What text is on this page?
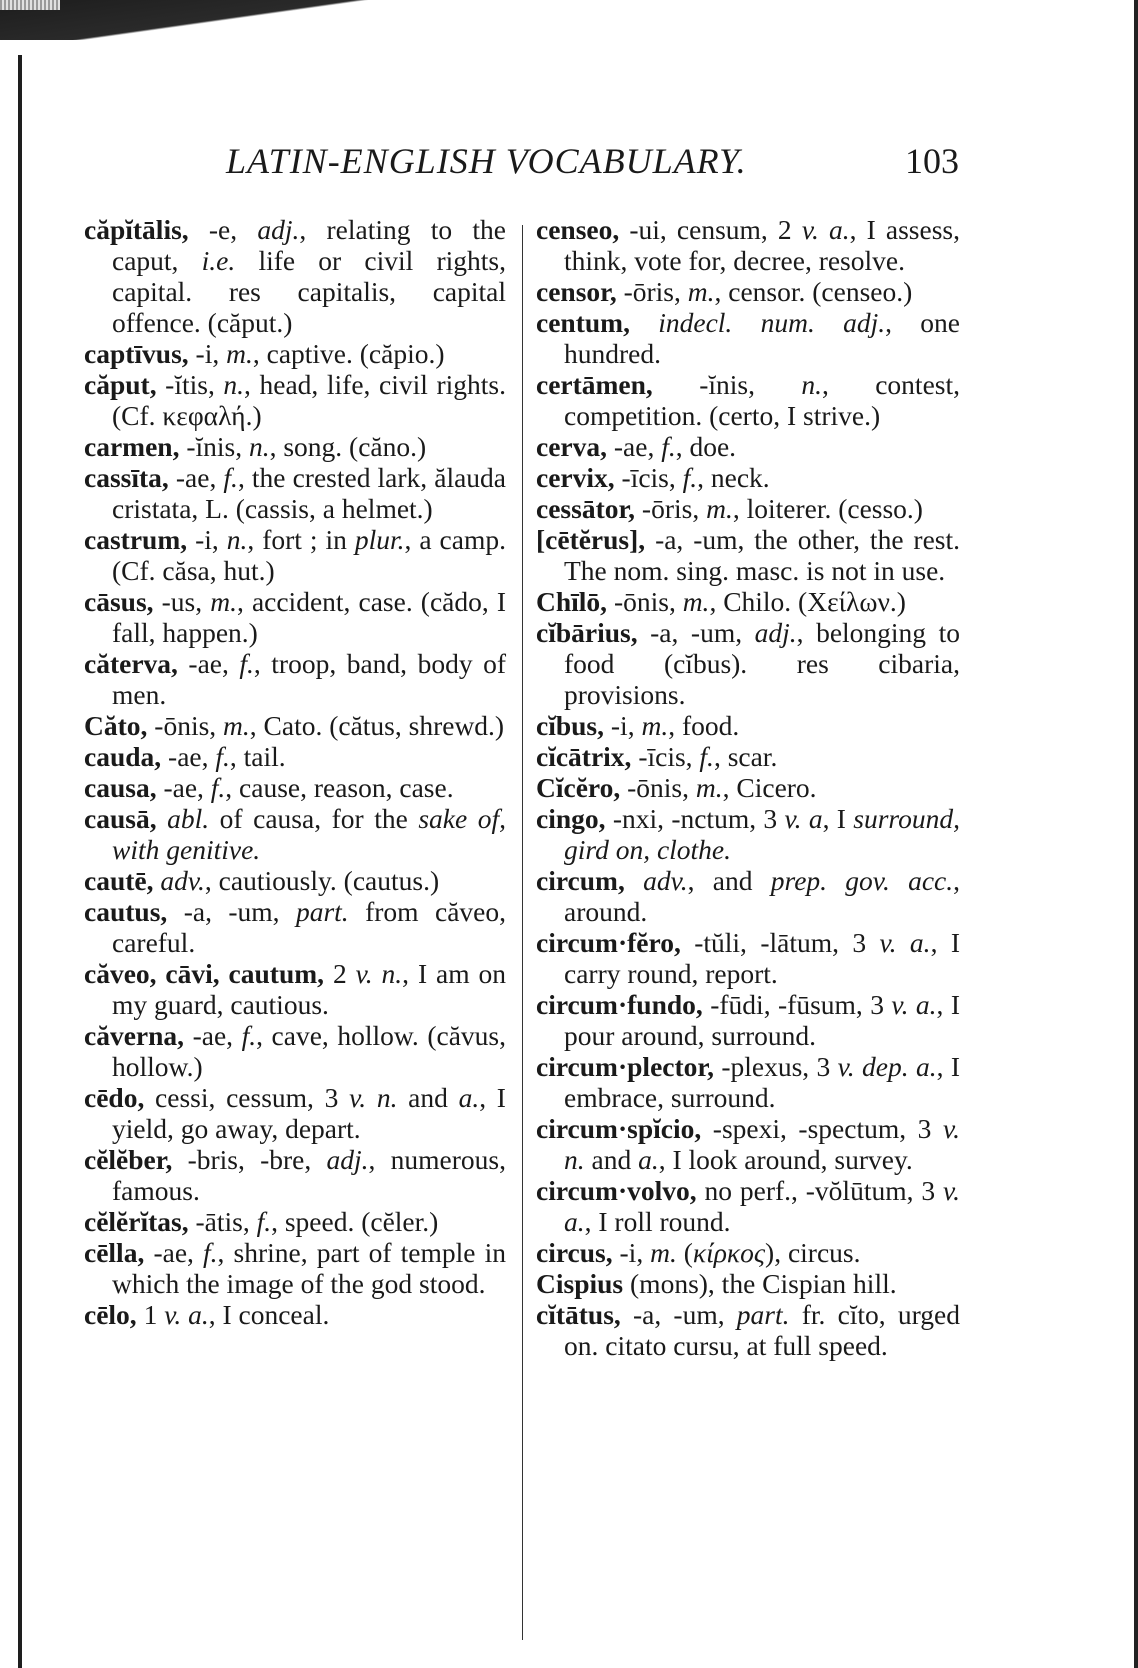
LATIN-ENGLISH VOCABULARY.	103

căpĭtālis, -e, adj., relating to the caput, i.e. life or civil rights, capital. res capitalis, capital offence. (căput.)

captīvus, -i, m., captive. (căpio.)

căput, -ĭtis, n., head, life, civil rights. (Cf. κεφαλή.)

carmen, -ĭnis, n., song. (căno.)

cassīta, -ae, f., the crested lark, ălauda cristata, L. (cassis, a helmet.)

castrum, -i, n., fort ; in plur., a camp. (Cf. căsa, hut.)

cāsus, -us, m., accident, case. (cădo, I fall, happen.)

căterva, -ae, f., troop, band, body of men.

Căto, -ōnis, m., Cato. (cătus, shrewd.)

cauda, -ae, f., tail.

causa, -ae, f., cause, reason, case.

causā, abl. of causa, for the sake of, with genitive.

cautē, adv., cautiously. (cautus.)

cautus, -a, -um, part. from căveo, careful.

căveo, cāvi, cautum, 2 v. n., I am on my guard, cautious.

căverna, -ae, f., cave, hollow. (căvus, hollow.)

cēdo, cessi, cessum, 3 v. n. and a., I yield, go away, depart.

cĕlĕber, -bris, -bre, adj., numerous, famous.

cĕlĕrĭtas, -ātis, f., speed. (cĕler.)

cēlla, -ae, f., shrine, part of temple in which the image of the god stood.

cēlo, 1 v. a., I conceal.

censeo, -ui, censum, 2 v. a., I assess, think, vote for, decree, resolve.

censor, -ōris, m., censor. (censeo.)

centum, indecl. num. adj., one hundred.

certāmen, -ĭnis, n., contest, competition. (certo, I strive.)

cerva, -ae, f., doe.

cervix, -īcis, f., neck.

cessātor, -ōris, m., loiterer. (cesso.)

[cētĕrus], -a, -um, the other, the rest. The nom. sing. masc. is not in use.

Chīlō, -ōnis, m., Chilo. (Χείλων.)

cĭbārius, -a, -um, adj., belonging to food (cĭbus). res cibaria, provisions.

cĭbus, -i, m., food.

cĭcātrix, -īcis, f., scar.

Cĭcĕro, -ōnis, m., Cicero.

cingo, -nxi, -nctum, 3 v. a, I surround, gird on, clothe.

circum, adv., and prep. gov. acc., around.

circum·fĕro, -tŭli, -lātum, 3 v. a., I carry round, report.

circum·fundo, -fūdi, -fūsum, 3 v. a., I pour around, surround.

circum·plector, -plexus, 3 v. dep. a., I embrace, surround.

circum·spĭcio, -spexi, -spectum, 3 v. n. and a., I look around, survey.

circum·volvo, no perf., -vŏlūtum, 3 v. a., I roll round.

circus, -i, m. (κίρκος), circus.

Cispius (mons), the Cispian hill.

cĭtātus, -a, -um, part. fr. cĭto, urged on. citato cursu, at full speed.
